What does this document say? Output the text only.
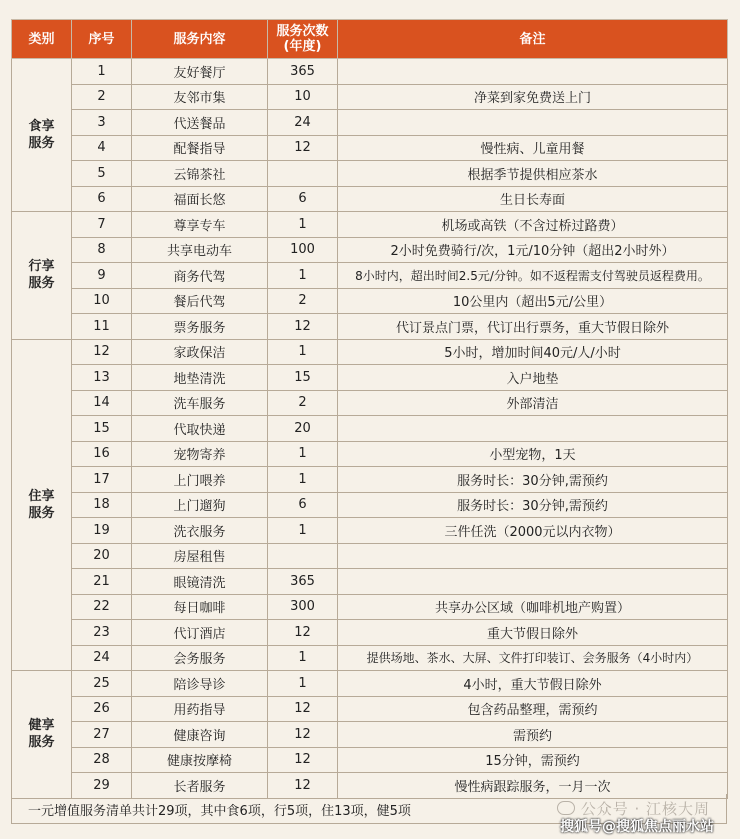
类别	序号	服务内容	服务次数
(年度)	备注
食享
服务	1	友好餐厅	365	
	2	友邻市集	10	净菜到家免费送上门
	3	代送餐品	24	
	4	配餐指导	12	慢性病、儿童用餐
	5	云锦茶社		根据季节提供相应茶水
	6	福面长悠	6	生日长寿面
行享
服务	7	尊享专车	1	机场或高铁（不含过桥过路费）
	8	共享电动车	100	2小时免费骑行/次，1元/10分钟（超出2小时外）
	9	商务代驾	1	8小时内，超出时间2.5元/分钟。如不返程需支付驾驶员返程费用。
	10	餐后代驾	2	10公里内（超出5元/公里）
	11	票务服务	12	代订景点门票，代订出行票务，重大节假日除外
住享
服务	12	家政保洁	1	5小时，增加时间40元/人/小时
	13	地垫清洗	15	入户地垫
	14	洗车服务	2	外部清洁
	15	代取快递	20	
	16	宠物寄养	1	小型宠物，1天
	17	上门喂养	1	服务时长：30分钟,需预约
	18	上门遛狗	6	服务时长：30分钟,需预约
	19	洗衣服务	1	三件任洗（2000元以内衣物）
	20	房屋租售		
	21	眼镜清洗	365	
	22	每日咖啡	300	共享办公区域（咖啡机地产购置）
	23	代订酒店	12	重大节假日除外
	24	会务服务	1	提供场地、茶水、大屏、文件打印装订、会务服务（4小时内）
健享
服务	25	陪诊导诊	1	4小时，重大节假日除外
	26	用药指导	12	包含药品整理，需预约
	27	健康咨询	12	需预约
	28	健康按摩椅	12	15分钟，需预约
	29	长者服务	12	慢性病跟踪服务，一月一次
一元增值服务清单共计29项，其中食6项，行5项，住13项，健5项	公众号 · 江核大周
搜狐号@搜狐焦点丽水站
